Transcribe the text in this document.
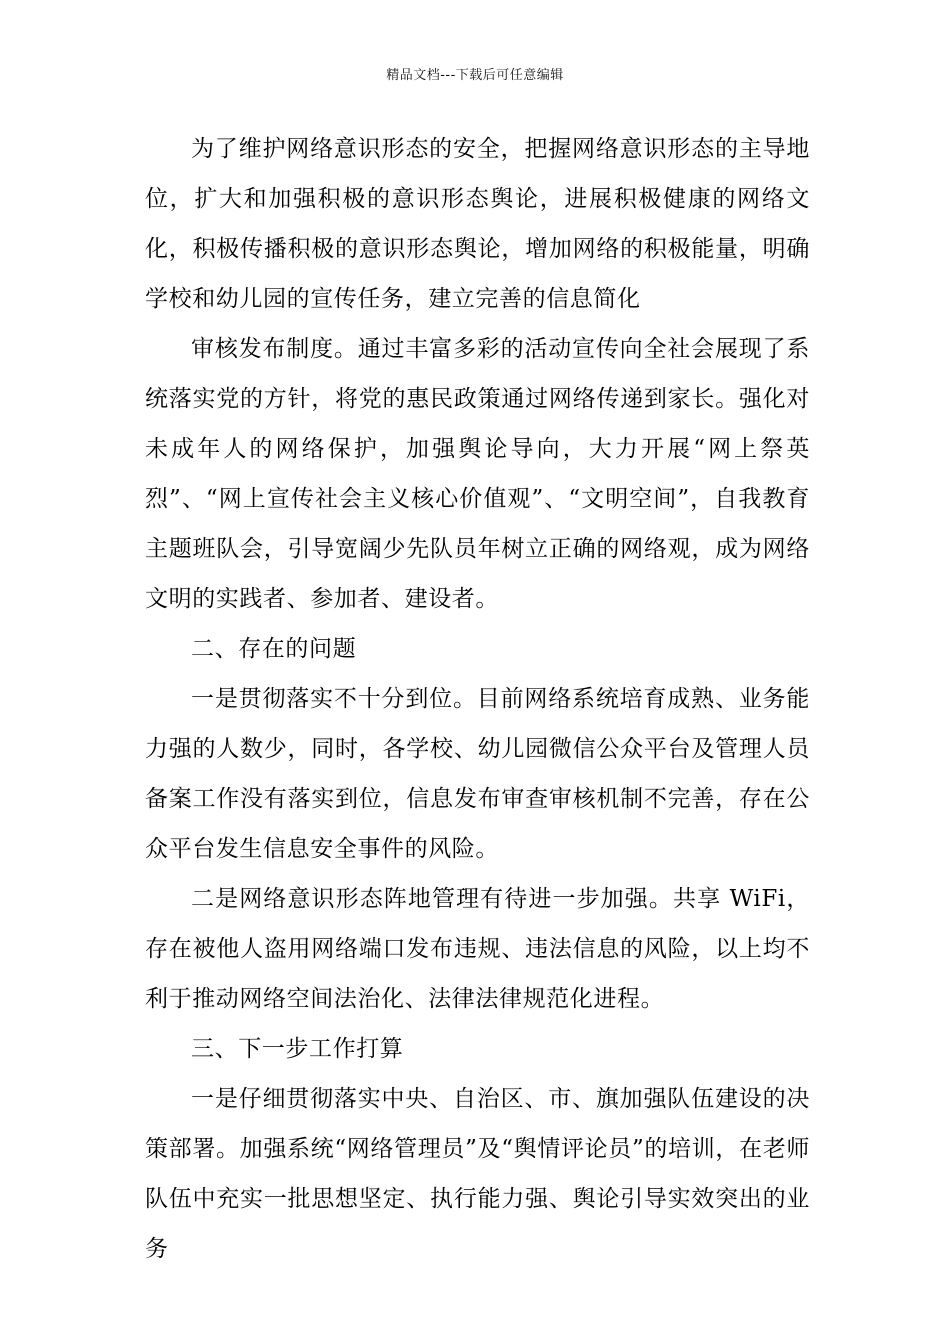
精品文档---下载后可任意编辑

为了维护网络意识形态的安全，把握网络意识形态的主导地位，扩大和加强积极的意识形态舆论，进展积极健康的网络文化，积极传播积极的意识形态舆论，增加网络的积极能量，明确学校和幼儿园的宣传任务，建立完善的信息简化

审核发布制度。通过丰富多彩的活动宣传向全社会展现了系统落实党的方针，将党的惠民政策通过网络传递到家长。强化对未成年人的网络保护，加强舆论导向，大力开展“网上祭英烈”、“网上宣传社会主义核心价值观”、“文明空间”，自我教育主题班队会，引导宽阔少先队员年树立正确的网络观，成为网络文明的实践者、参加者、建设者。

二、存在的问题

一是贯彻落实不十分到位。目前网络系统培育成熟、业务能力强的人数少，同时，各学校、幼儿园微信公众平台及管理人员备案工作没有落实到位，信息发布审查审核机制不完善，存在公众平台发生信息安全事件的风险。

二是网络意识形态阵地管理有待进一步加强。共享 WiFi，存在被他人盗用网络端口发布违规、违法信息的风险，以上均不利于推动网络空间法治化、法律法律规范化进程。

三、下一步工作打算

一是仔细贯彻落实中央、自治区、市、旗加强队伍建设的决策部署。加强系统“网络管理员”及“舆情评论员”的培训，在老师队伍中充实一批思想坚定、执行能力强、舆论引导实效突出的业务
